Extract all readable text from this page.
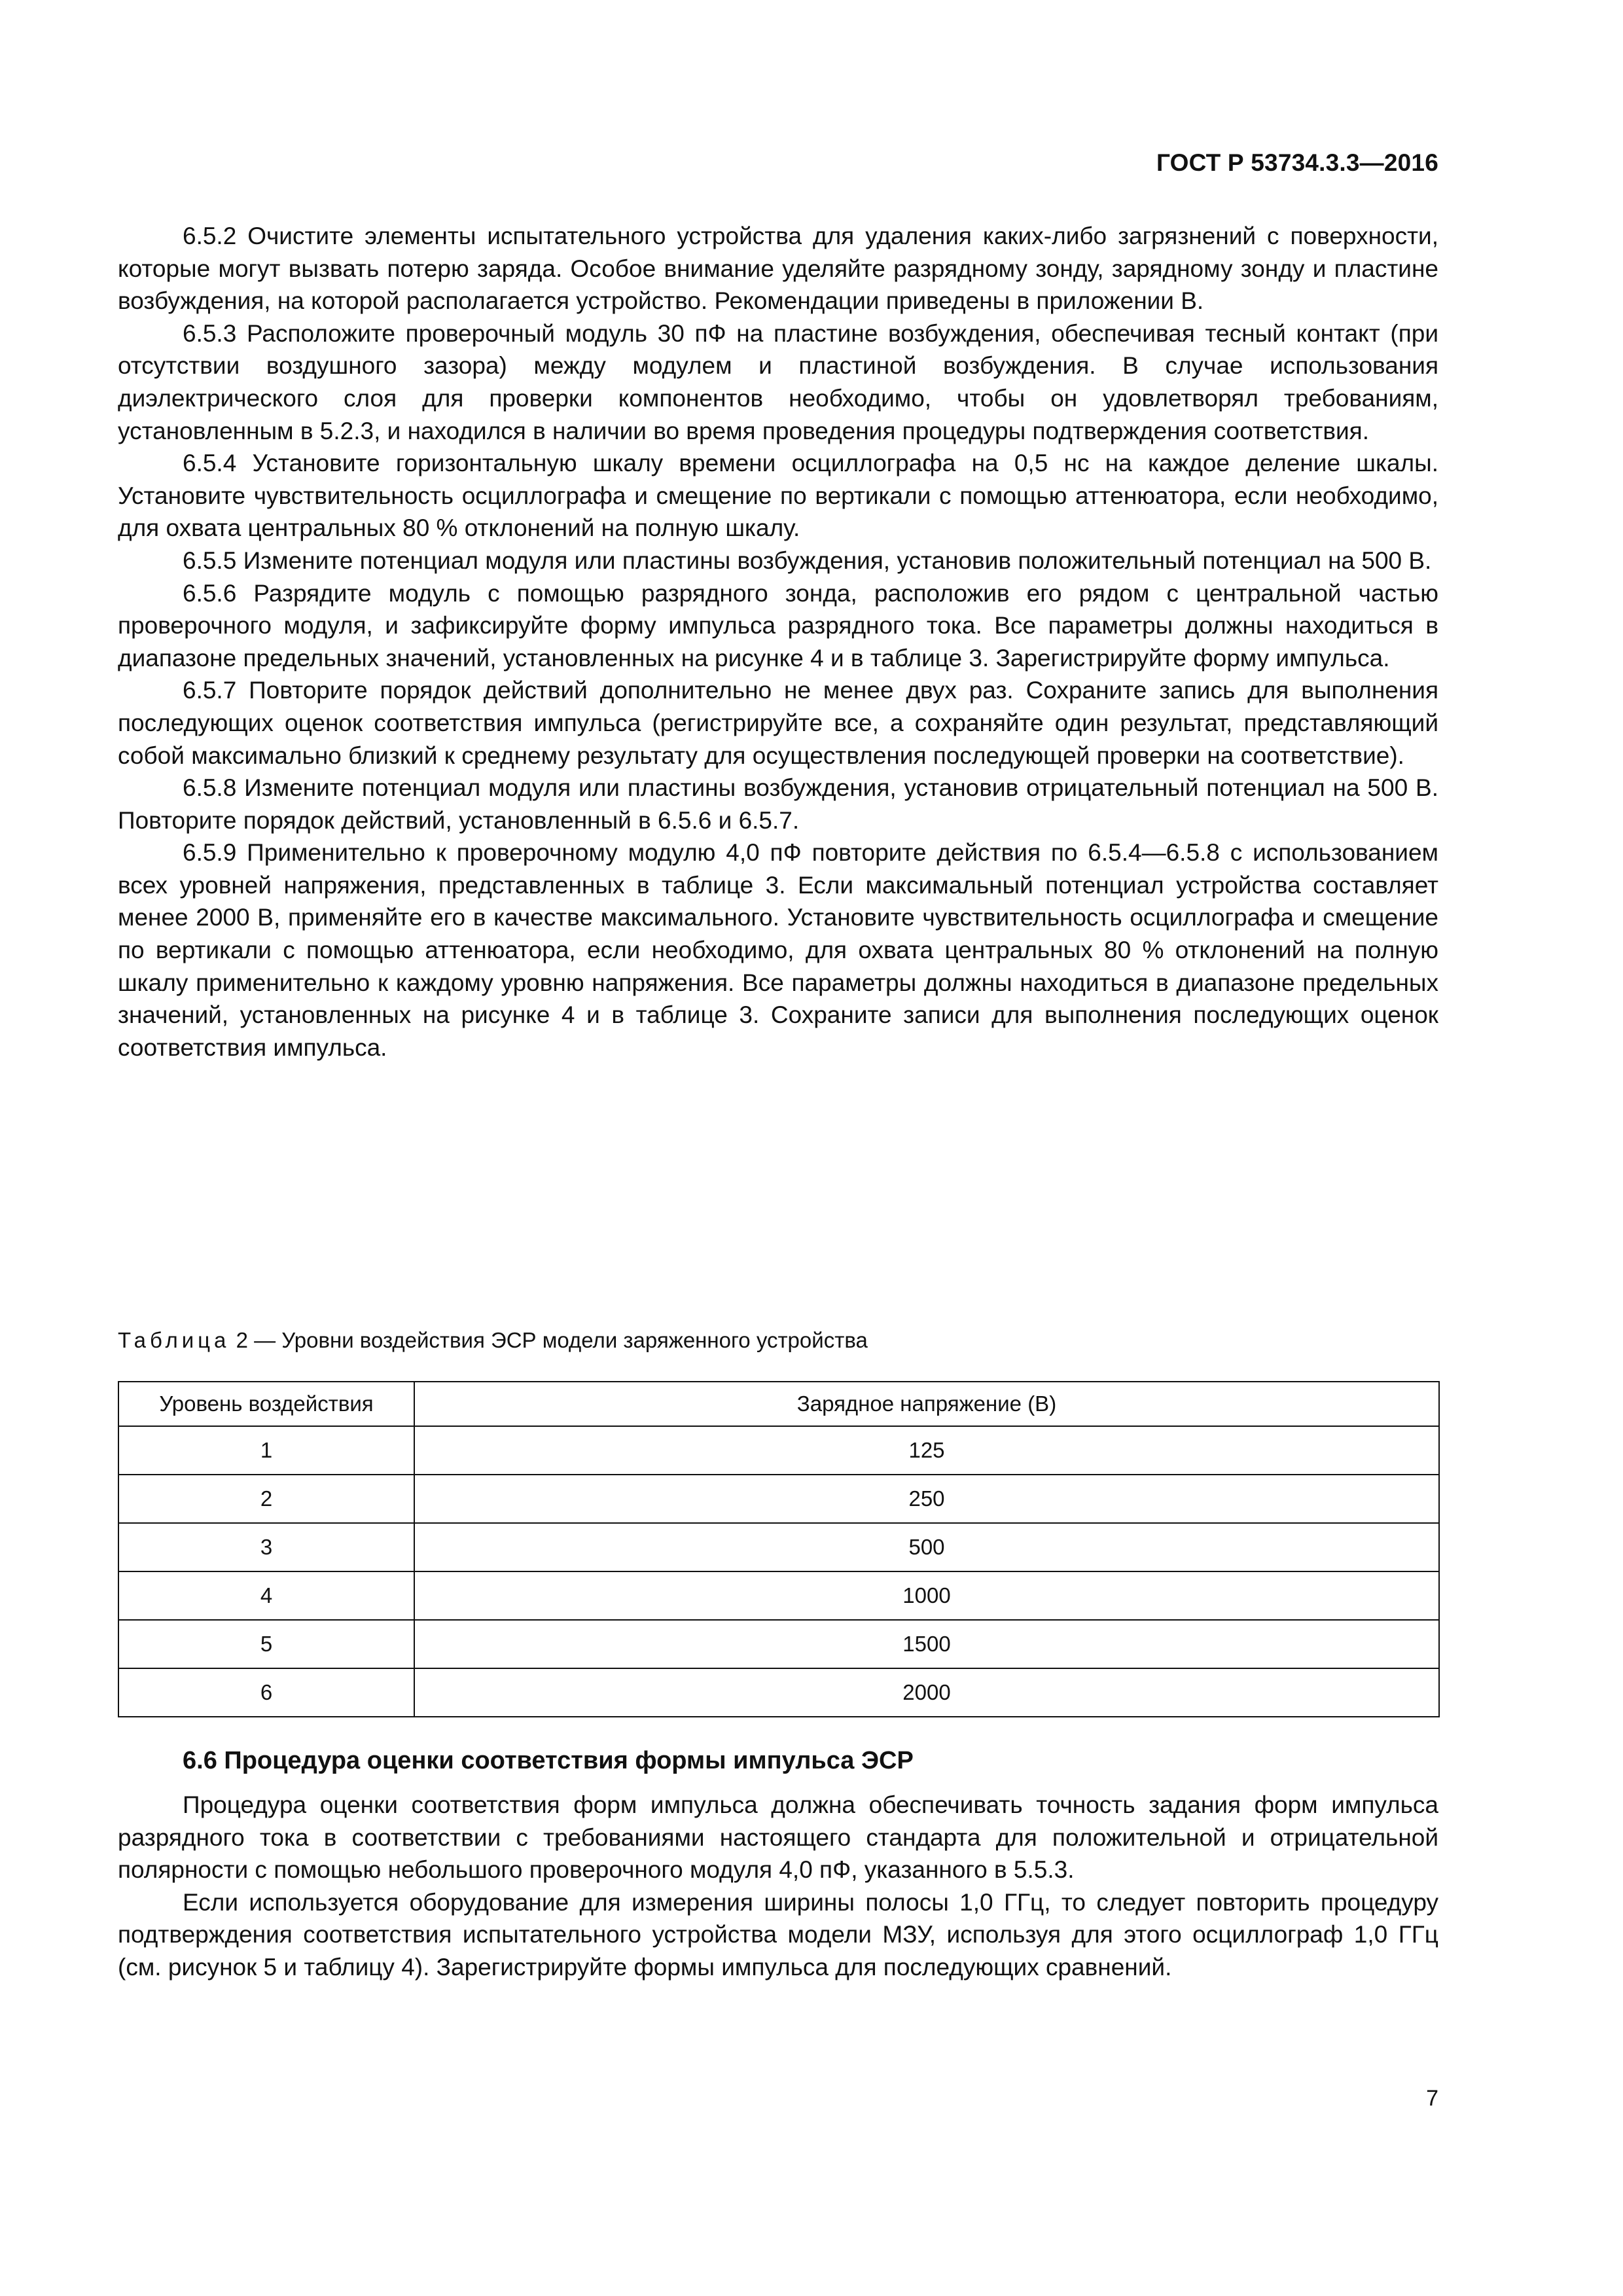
ГОСТ Р 53734.3.3—2016

6.5.2 Очистите элементы испытательного устройства для удаления каких-либо загрязнений с поверхности, которые могут вызвать потерю заряда. Особое внимание уделяйте разрядному зонду, зарядному зонду и пластине возбуждения, на которой располагается устройство. Рекомендации приведены в приложении В.

6.5.3 Расположите проверочный модуль 30 пФ на пластине возбуждения, обеспечивая тесный контакт (при отсутствии воздушного зазора) между модулем и пластиной возбуждения. В случае использования диэлектрического слоя для проверки компонентов необходимо, чтобы он удовлетворял требованиям, установленным в 5.2.3, и находился в наличии во время проведения процедуры подтверждения соответствия.

6.5.4 Установите горизонтальную шкалу времени осциллографа на 0,5 нс на каждое деление шкалы. Установите чувствительность осциллографа и смещение по вертикали с помощью аттенюатора, если необходимо, для охвата центральных 80 % отклонений на полную шкалу.

6.5.5 Измените потенциал модуля или пластины возбуждения, установив положительный потенциал на 500 В.

6.5.6 Разрядите модуль с помощью разрядного зонда, расположив его рядом с центральной частью проверочного модуля, и зафиксируйте форму импульса разрядного тока. Все параметры должны находиться в диапазоне предельных значений, установленных на рисунке 4 и в таблице 3. Зарегистрируйте форму импульса.

6.5.7 Повторите порядок действий дополнительно не менее двух раз. Сохраните запись для выполнения последующих оценок соответствия импульса (регистрируйте все, а сохраняйте один результат, представляющий собой максимально близкий к среднему результату для осуществления последующей проверки на соответствие).

6.5.8 Измените потенциал модуля или пластины возбуждения, установив отрицательный потенциал на 500 В. Повторите порядок действий, установленный в 6.5.6 и 6.5.7.

6.5.9 Применительно к проверочному модулю 4,0 пФ повторите действия по 6.5.4—6.5.8 с использованием всех уровней напряжения, представленных в таблице 3. Если максимальный потенциал устройства составляет менее 2000 В, применяйте его в качестве максимального. Установите чувствительность осциллографа и смещение по вертикали с помощью аттенюатора, если необходимо, для охвата центральных 80 % отклонений на полную шкалу применительно к каждому уровню напряжения. Все параметры должны находиться в диапазоне предельных значений, установленных на рисунке 4 и в таблице 3. Сохраните записи для выполнения последующих оценок соответствия импульса.

Таблица 2 — Уровни воздействия ЭСР модели заряженного устройства
Уровень воздействия	Зарядное напряжение (В)
1	125
2	250
3	500
4	1000
5	1500
6	2000
6.6 Процедура оценки соответствия формы импульса ЭСР

Процедура оценки соответствия форм импульса должна обеспечивать точность задания форм импульса разрядного тока в соответствии с требованиями настоящего стандарта для положительной и отрицательной полярности с помощью небольшого проверочного модуля 4,0 пФ, указанного в 5.5.3.

Если используется оборудование для измерения ширины полосы 1,0 ГГц, то следует повторить процедуру подтверждения соответствия испытательного устройства модели МЗУ, используя для этого осциллограф 1,0 ГГц (см. рисунок 5 и таблицу 4). Зарегистрируйте формы импульса для последующих сравнений.

7
